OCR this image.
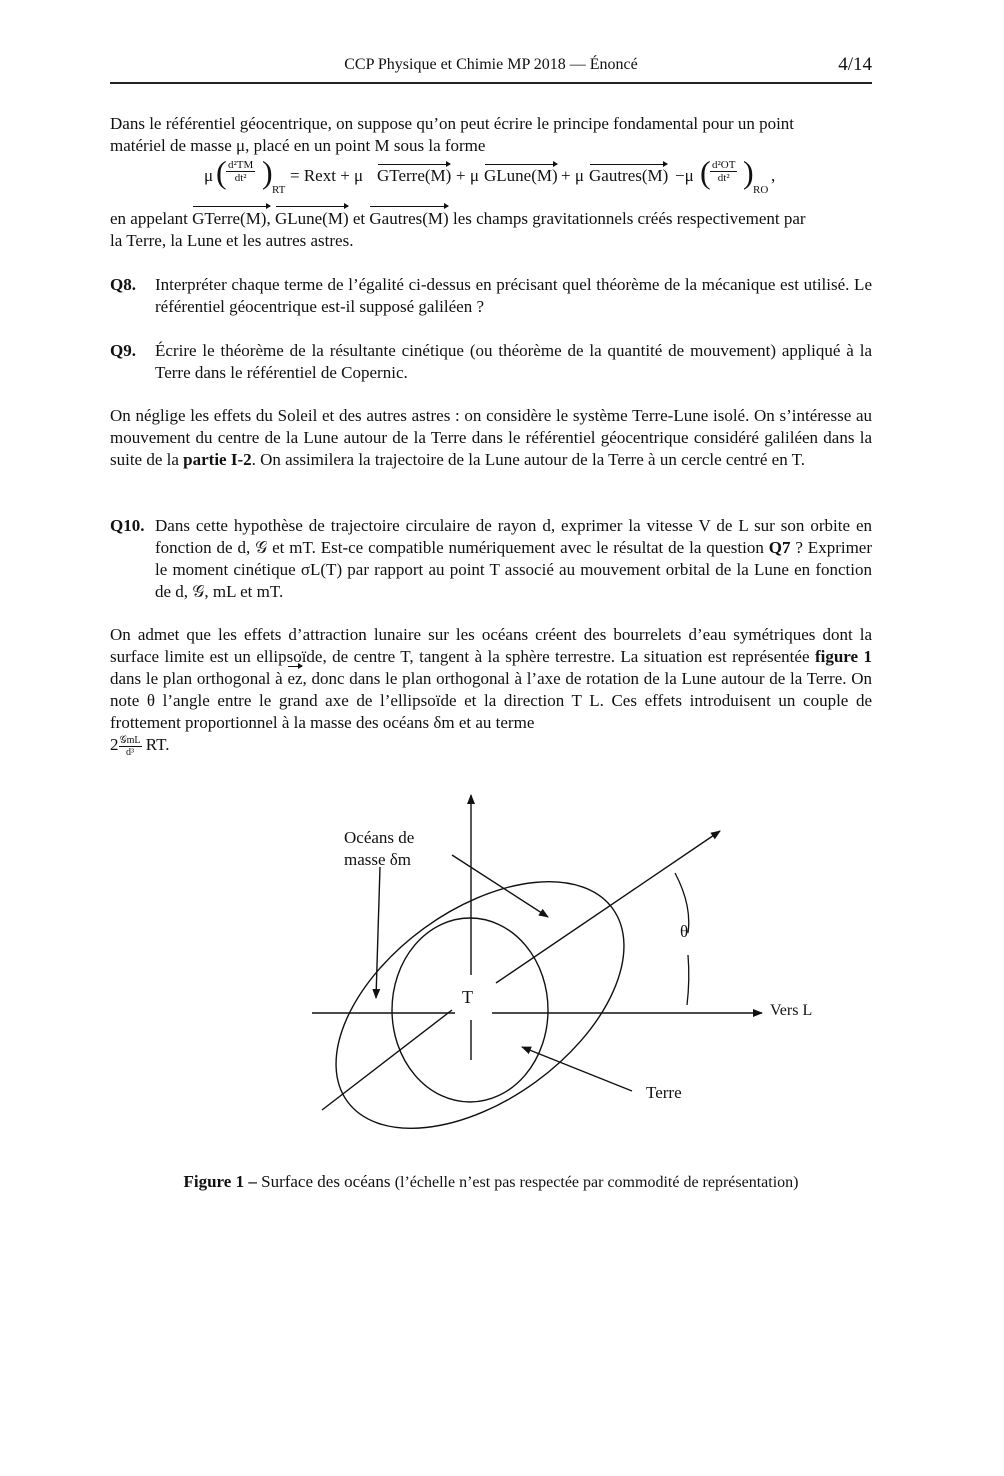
CCP Physique et Chimie MP 2018 — Énoncé	4/14

Dans le référentiel géocentrique, on suppose qu’on peut écrire le principe fondamental pour un point
matériel de masse μ, placé en un point M sous la forme

μ ( $\frac{\text{d²TM}}{\text{dt²}}$ ) RT
= Rext + μ GTerre(M) + μ GLune(M) + μ Gautres(M) −μ ( $\frac{\text{d²OT}}{\text{dt²}}$ ) RO
,

en appelant GTerre(M), GLune(M) et Gautres(M) les champs gravitationnels créés respectivement par
la Terre, la Lune et les autres astres.

Q8. Interpréter chaque terme de l’égalité ci-dessus en précisant quel théorème de la mécanique est utilisé. Le référentiel géocentrique est-il supposé galiléen ?
Q9. Écrire le théorème de la résultante cinétique (ou théorème de la quantité de mouvement) appliqué à la Terre dans le référentiel de Copernic.

On néglige les effets du Soleil et des autres astres : on considère le système Terre-Lune isolé. On s’intéresse au mouvement du centre de la Lune autour de la Terre dans le référentiel géocentrique considéré galiléen dans la suite de la partie I-2. On assimilera la trajectoire de la Lune autour de la Terre à un cercle centré en T.

Q10. Dans cette hypothèse de trajectoire circulaire de rayon d, exprimer la vitesse V de L sur son orbite en fonction de d, 𝒢 et mT. Est-ce compatible numériquement avec le résultat de la question Q7 ? Exprimer le moment cinétique σL(T) par rapport au point T associé au mouvement orbital de la Lune en fonction de d, 𝒢, mL et mT.

On admet que les effets d’attraction lunaire sur les océans créent des bourrelets d’eau symétriques dont la surface limite est un ellipsoïde, de centre T, tangent à la sphère terrestre. La situation est représentée figure 1 dans le plan orthogonal à ez, donc dans le plan orthogonal à l’axe de rotation de la Lune autour de la Terre. On note θ l’angle entre le grand axe de l’ellipsoïde et la direction T L. Ces effets introduisent un couple de frottement proportionnel à la masse des océans δm et au terme
2 𝒢mL
d³ RT.

Océans de
masse δm
θ
T
Vers L
Terre
Figure 1 – Surface des océans (l’échelle n’est pas respectée par commodité de représentation)
